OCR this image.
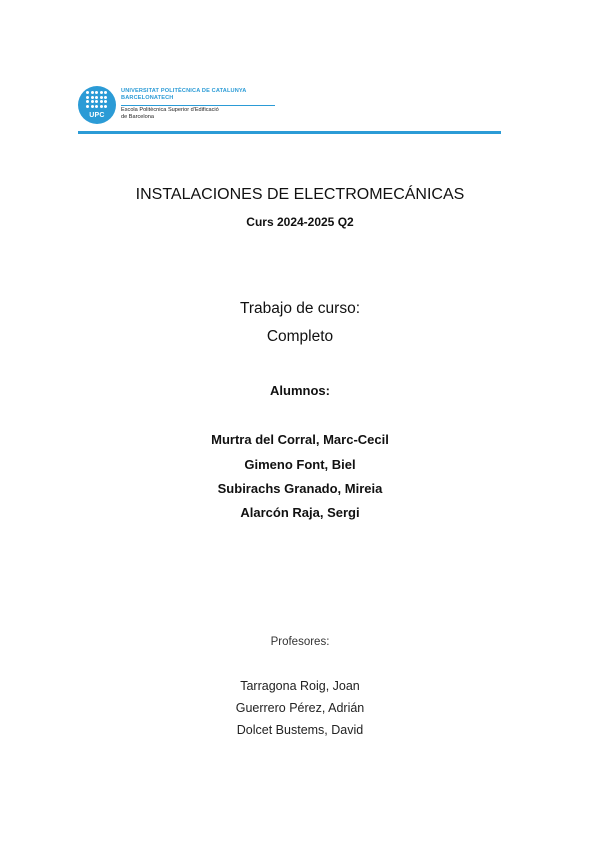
UPC
UNIVERSITAT POLITÈCNICA DE CATALUNYA
BARCELONATECH
Escola Politècnica Superior d'Edificació
de Barcelona
INSTALACIONES DE ELECTROMECÁNICAS
Curs 2024-2025 Q2
Trabajo de curso:
Completo
Alumnos:
Murtra del Corral, Marc-Cecil
Gimeno Font, Biel
Subirachs Granado, Mireia
Alarcón Raja, Sergi
Profesores:
Tarragona Roig, Joan
Guerrero Pérez, Adrián
Dolcet Bustems, David
